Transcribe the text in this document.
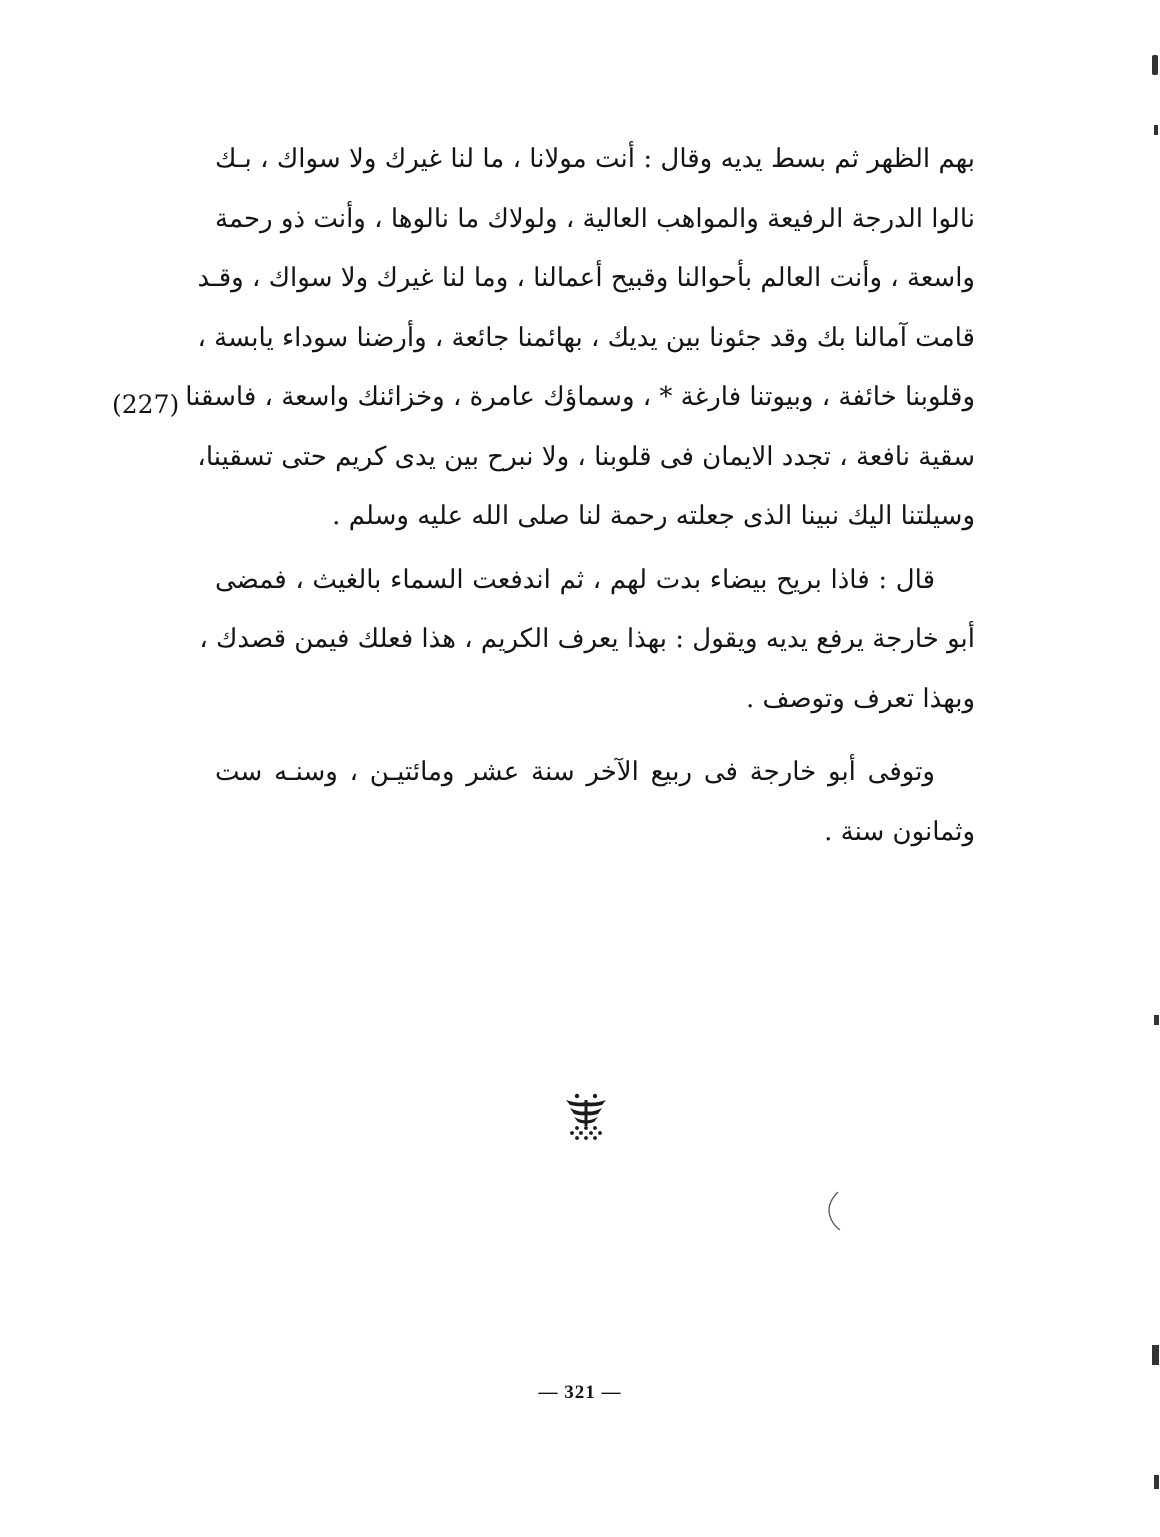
بهم الظهر ثم بسط يديه وقال : أنت مولانا ، ما لنا غيرك ولا سواك ، بـك
نالوا الدرجة الرفيعة والمواهب العالية ، ولولاك ما نالوها ، وأنت ذو رحمة
واسعة ، وأنت العالم بأحوالنا وقبيح أعمالنا ، وما لنا غيرك ولا سواك ، وقـد
قامت آمالنا بك وقد جئونا بين يديك ، بهائمنا جائعة ، وأرضنا سوداء يابسة ،
وقلوبنا خائفة ، وبيوتنا فارغة * ، وسماؤك عامرة ، وخزائنك واسعة ، فاسقنا
سقية نافعة ، تجدد الايمان فى قلوبنا ، ولا نبرح بين يدى كريم حتى تسقينا،
وسيلتنا اليك نبينا الذى جعلته رحمة لنا صلى الله عليه وسلم .
قال : فاذا بريح بيضاء بدت لهم ، ثم اندفعت السماء بالغيث ، فمضى
أبو خارجة يرفع يديه ويقول : بهذا يعرف الكريم ، هذا فعلك فيمن قصدك ،
وبهذا تعرف وتوصف .
وتوفى أبو خارجة فى ربيع الآخر سنة عشر ومائتيـن ، وسنـه ست
وثمانون سنة .
(227)
— 321 —
